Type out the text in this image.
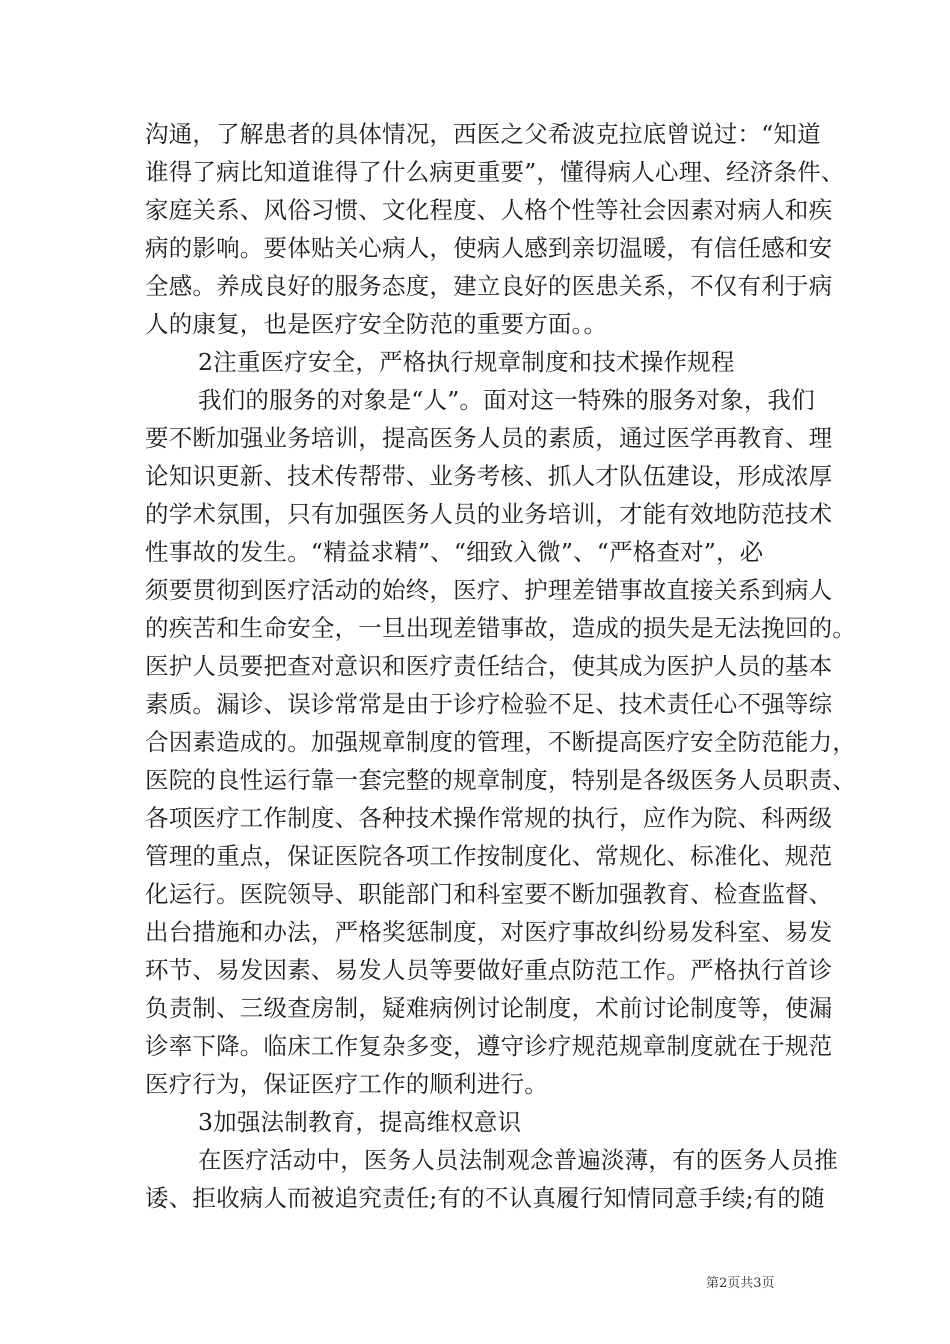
沟通，了解患者的具体情况，西医之父希波克拉底曾说过：“知道
谁得了病比知道谁得了什么病更重要”，懂得病人心理、经济条件、
家庭关系、风俗习惯、文化程度、人格个性等社会因素对病人和疾
病的影响。要体贴关心病人，使病人感到亲切温暖，有信任感和安
全感。养成良好的服务态度，建立良好的医患关系，不仅有利于病
人的康复，也是医疗安全防范的重要方面。。
2注重医疗安全，严格执行规章制度和技术操作规程
我们的服务的对象是“人”。面对这一特殊的服务对象，我们
要不断加强业务培训，提高医务人员的素质，通过医学再教育、理
论知识更新、技术传帮带、业务考核、抓人才队伍建设，形成浓厚
的学术氛围，只有加强医务人员的业务培训，才能有效地防范技术
性事故的发生。“精益求精”、“细致入微”、“严格查对”，必
须要贯彻到医疗活动的始终，医疗、护理差错事故直接关系到病人
的疾苦和生命安全，一旦出现差错事故，造成的损失是无法挽回的。
医护人员要把查对意识和医疗责任结合，使其成为医护人员的基本
素质。漏诊、误诊常常是由于诊疗检验不足、技术责任心不强等综
合因素造成的。加强规章制度的管理，不断提高医疗安全防范能力，
医院的良性运行靠一套完整的规章制度，特别是各级医务人员职责、
各项医疗工作制度、各种技术操作常规的执行，应作为院、科两级
管理的重点，保证医院各项工作按制度化、常规化、标准化、规范
化运行。医院领导、职能部门和科室要不断加强教育、检查监督、
出台措施和办法，严格奖惩制度，对医疗事故纠纷易发科室、易发
环节、易发因素、易发人员等要做好重点防范工作。严格执行首诊
负责制、三级查房制，疑难病例讨论制度，术前讨论制度等，使漏
诊率下降。临床工作复杂多变，遵守诊疗规范规章制度就在于规范
医疗行为，保证医疗工作的顺利进行。
3加强法制教育，提高维权意识
在医疗活动中，医务人员法制观念普遍淡薄，有的医务人员推
诿、拒收病人而被追究责任;有的不认真履行知情同意手续;有的随
第2页共3页
